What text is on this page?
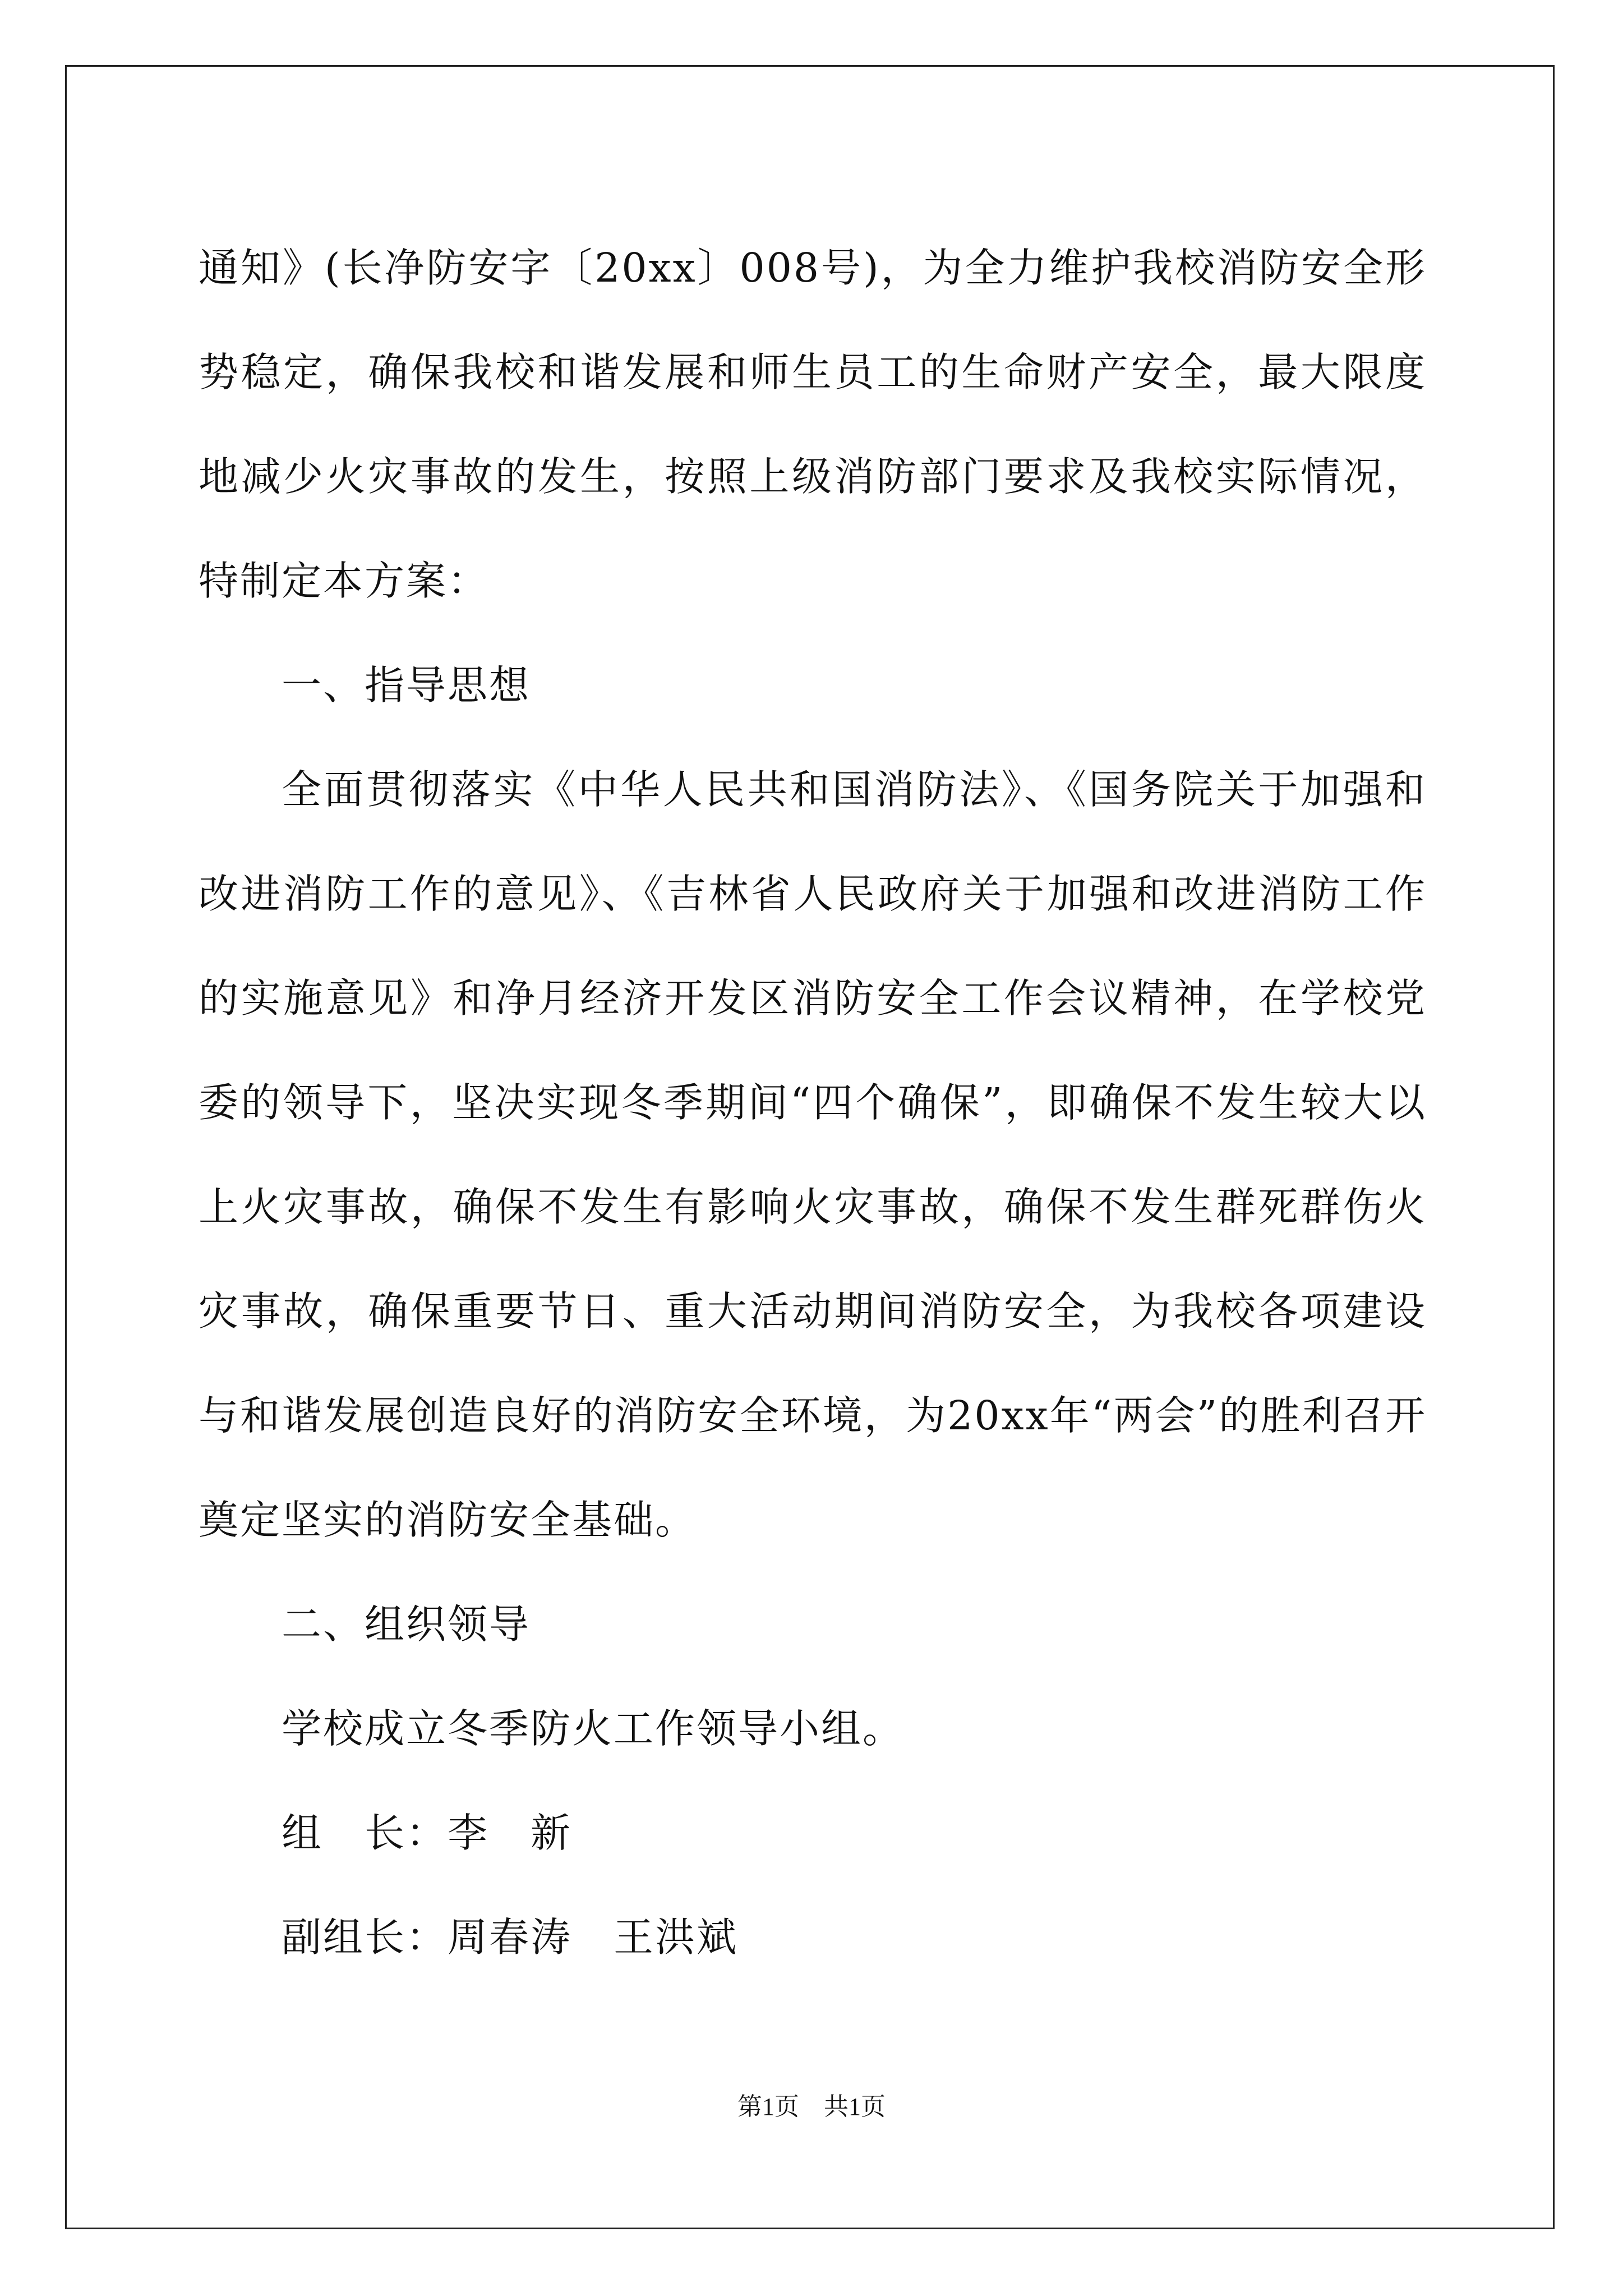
通知》(长净防安字〔20xx〕008号)，为全力维护我校消防安全形势稳定，确保我校和谐发展和师生员工的生命财产安全，最大限度地减少火灾事故的发生，按照上级消防部门要求及我校实际情况，特制定本方案：

一、指导思想

全面贯彻落实《中华人民共和国消防法》、《国务院关于加强和改进消防工作的意见》、《吉林省人民政府关于加强和改进消防工作的实施意见》和净月经济开发区消防安全工作会议精神，在学校党委的领导下，坚决实现冬季期间“四个确保”，即确保不发生较大以上火灾事故，确保不发生有影响火灾事故，确保不发生群死群伤火灾事故，确保重要节日、重大活动期间消防安全，为我校各项建设与和谐发展创造良好的消防安全环境，为20xx年“两会”的胜利召开奠定坚实的消防安全基础。

二、组织领导

学校成立冬季防火工作领导小组。

组　长：李　新

副组长：周春涛　王洪斌

第1页　共1页
